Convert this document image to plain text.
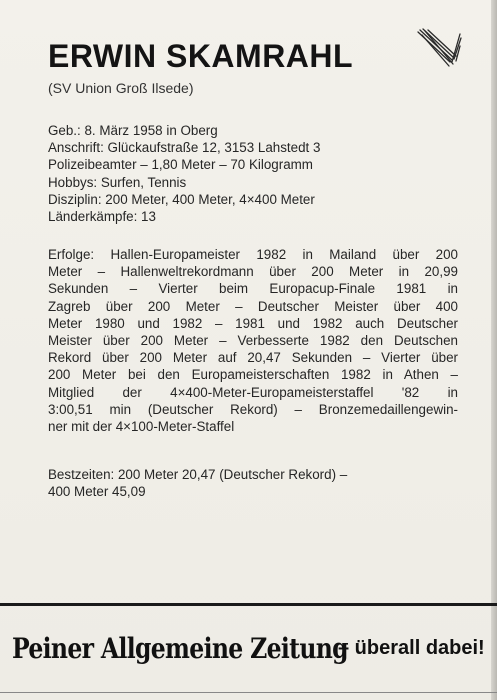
ERWIN SKAMRAHL
(SV Union Groß Ilsede)
Geb.: 8. März 1958 in Oberg
Anschrift: Glückaufstraße 12, 3153 Lahstedt 3
Polizeibeamter – 1,80 Meter – 70 Kilogramm
Hobbys: Surfen, Tennis
Disziplin: 200 Meter, 400 Meter, 4×400 Meter
Länderkämpfe: 13
Erfolge: Hallen-Europameister 1982 in Mailand über 200
Meter – Hallenweltrekordmann über 200 Meter in 20,99
Sekunden – Vierter beim Europacup-Finale 1981 in
Zagreb über 200 Meter – Deutscher Meister über 400
Meter 1980 und 1982 – 1981 und 1982 auch Deutscher
Meister über 200 Meter – Verbesserte 1982 den Deutschen
Rekord über 200 Meter auf 20,47 Sekunden – Vierter über
200 Meter bei den Europameisterschaften 1982 in Athen –
Mitglied der 4×400-Meter-Europameisterstaffel '82 in
3:00,51 min (Deutscher Rekord) – Bronzemedaillengewin-
ner mit der 4×100-Meter-Staffel
Bestzeiten: 200 Meter 20,47 (Deutscher Rekord) –
400 Meter 45,09
Peiner Allgemeine Zeitung
– überall dabei!
